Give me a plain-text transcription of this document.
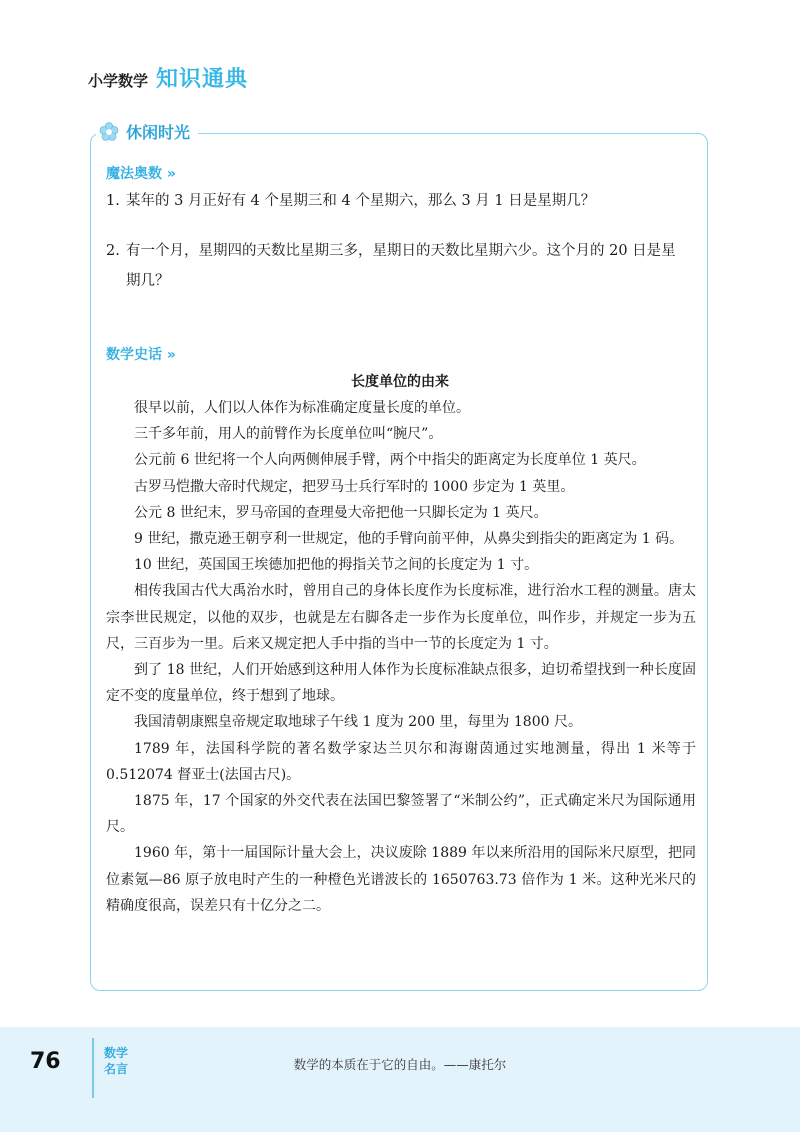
小学数学 知识通典
休闲时光
魔法奥数 »
1. 某年的 3 月正好有 4 个星期三和 4 个星期六，那么 3 月 1 日是星期几？
2. 有一个月，星期四的天数比星期三多，星期日的天数比星期六少。这个月的 20 日是星
期几？
数学史话 »
长度单位的由来

很早以前，人们以人体作为标准确定度量长度的单位。

三千多年前，用人的前臂作为长度单位叫“腕尺”。

公元前 6 世纪将一个人向两侧伸展手臂，两个中指尖的距离定为长度单位 1 英尺。

古罗马恺撒大帝时代规定，把罗马士兵行军时的 1000 步定为 1 英里。

公元 8 世纪末，罗马帝国的查理曼大帝把他一只脚长定为 1 英尺。

9 世纪，撒克逊王朝亨利一世规定，他的手臂向前平伸，从鼻尖到指尖的距离定为 1 码。

10 世纪，英国国王埃德加把他的拇指关节之间的长度定为 1 寸。

相传我国古代大禹治水时，曾用自己的身体长度作为长度标准，进行治水工程的测量。唐太宗李世民规定，以他的双步，也就是左右脚各走一步作为长度单位，叫作步，并规定一步为五尺，三百步为一里。后来又规定把人手中指的当中一节的长度定为 1 寸。

到了 18 世纪，人们开始感到这种用人体作为长度标准缺点很多，迫切希望找到一种长度固定不变的度量单位，终于想到了地球。

我国清朝康熙皇帝规定取地球子午线 1 度为 200 里，每里为 1800 尺。

1789 年，法国科学院的著名数学家达兰贝尔和海谢茵通过实地测量，得出 1 米等于 0.512074 督亚士(法国古尺)。

1875 年，17 个国家的外交代表在法国巴黎签署了“米制公约”，正式确定米尺为国际通用尺。

1960 年，第十一届国际计量大会上，决议废除 1889 年以来所沿用的国际米尺原型，把同位素氪—86 原子放电时产生的一种橙色光谱波长的 1650763.73 倍作为 1 米。这种光米尺的精确度很高，误差只有十亿分之二。

76	数学
名言	数学的本质在于它的自由。——康托尔
